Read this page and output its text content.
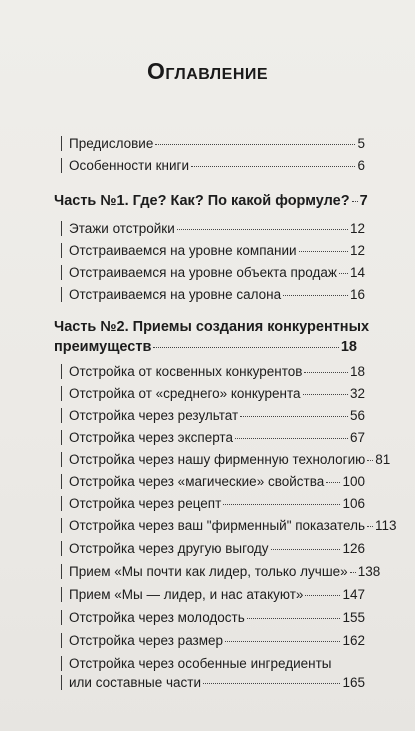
Оглавление
Предисловие	5
Особенности книги	6
Часть №1. Где? Как? По какой формуле? 7
Этажи отстройки	12
Отстраиваемся на уровне компании	12
Отстраиваемся на уровне объекта продаж 14
Отстраиваемся на уровне салона	16
Часть №2. Приемы создания конкурентных
преимуществ	18
Отстройка от косвенных конкурентов	18
Отстройка от «среднего» конкурента	32
Отстройка через результат	56
Отстройка через эксперта	67
Отстройка через нашу фирменную технологию 81
Отстройка через «магические» свойства 100
Отстройка через рецепт	106
Отстройка через ваш "фирменный" показатель 113
Отстройка через другую выгоду	126
Прием «Мы почти как лидер, только лучше» 138
Прием «Мы — лидер, и нас атакуют»	147
Отстройка через молодость	155
Отстройка через размер	162
Отстройка через особенные ингредиенты
или составные части	165
